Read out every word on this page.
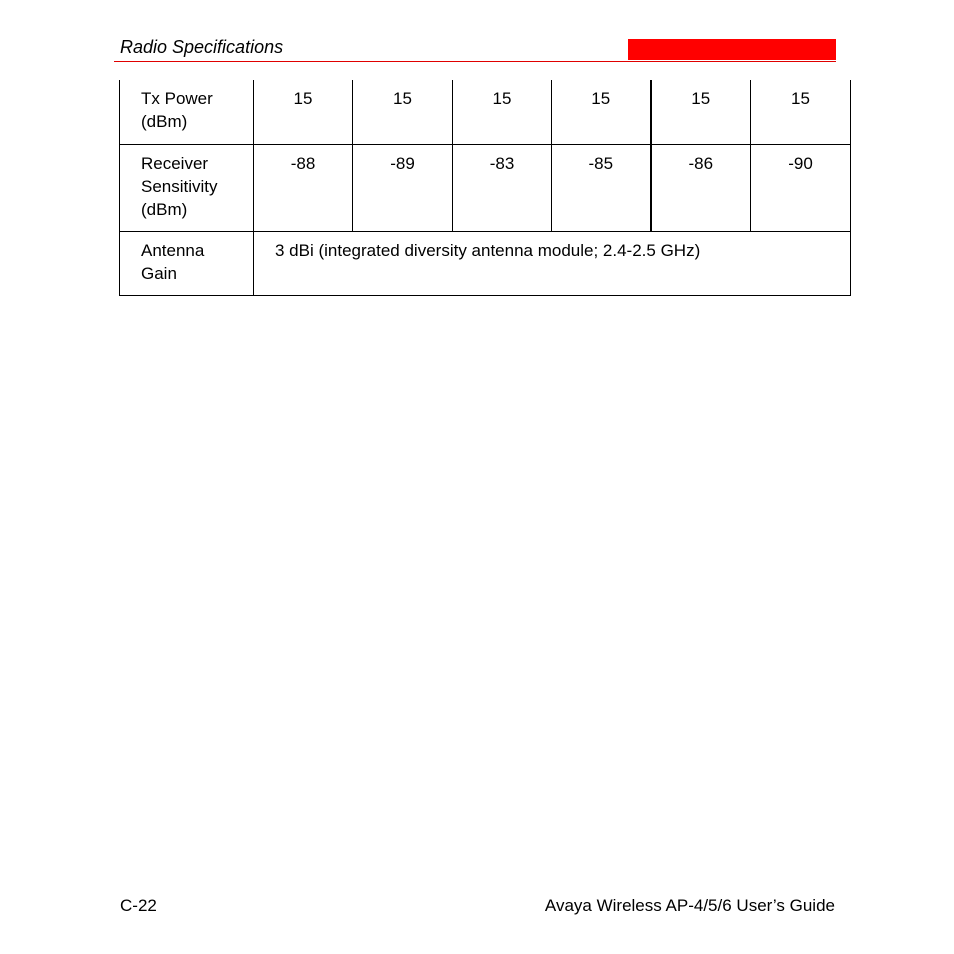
Radio Specifications
Tx Power
(dBm)	15	15	15	15	15	15
Receiver
Sensitivity
(dBm)	-88	-89	-83	-85	-86	-90
Antenna
Gain	3 dBi (integrated diversity antenna module; 2.4-2.5 GHz)					
C-22	Avaya Wireless AP-4/5/6 User’s Guide
